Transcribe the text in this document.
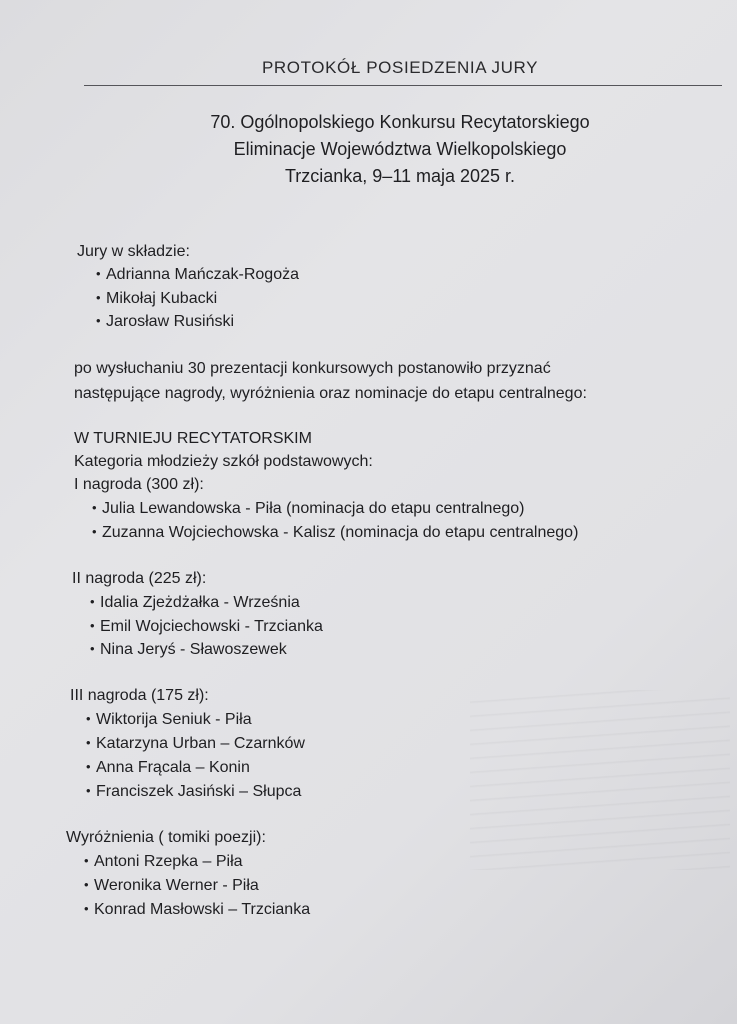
PROTOKÓŁ POSIEDZENIA JURY
70. Ogólnopolskiego Konkursu Recytatorskiego
Eliminacje Województwa Wielkopolskiego
Trzcianka, 9–11 maja 2025 r.
Jury w składzie:
• Adrianna Mańczak-Rogoża
• Mikołaj Kubacki
• Jarosław Rusiński
po wysłuchaniu 30 prezentacji konkursowych postanowiło przyznać
następujące nagrody, wyróżnienia oraz nominacje do etapu centralnego:
W TURNIEJU RECYTATORSKIM
Kategoria młodzieży szkół podstawowych:
I nagroda (300 zł):
• Julia Lewandowska - Piła (nominacja do etapu centralnego)
• Zuzanna Wojciechowska - Kalisz (nominacja do etapu centralnego)
II nagroda (225 zł):
• Idalia Zjeżdżałka - Września
• Emil Wojciechowski - Trzcianka
• Nina Jeryś - Sławoszewek
III nagroda (175 zł):
• Wiktorija Seniuk - Piła
• Katarzyna Urban – Czarnków
• Anna Frącala – Konin
• Franciszek Jasiński – Słupca
Wyróżnienia ( tomiki poezji):
• Antoni Rzepka – Piła
• Weronika Werner - Piła
• Konrad Masłowski – Trzcianka
